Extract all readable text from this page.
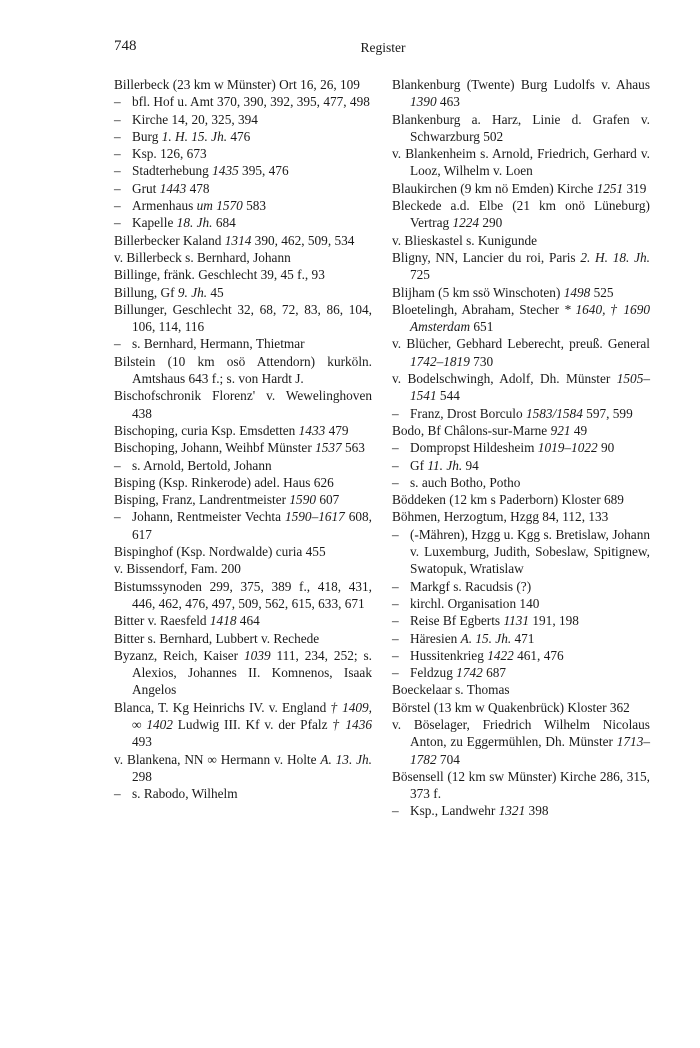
748	Register
Billerbeck (23 km w Münster) Ort 16, 26, 109
– bfl. Hof u. Amt 370, 390, 392, 395, 477, 498
– Kirche 14, 20, 325, 394
– Burg 1. H. 15. Jh. 476
– Ksp. 126, 673
– Stadterhebung 1435 395, 476
– Grut 1443 478
– Armenhaus um 1570 583
– Kapelle 18. Jh. 684
Billerbecker Kaland 1314 390, 462, 509, 534
v. Billerbeck s. Bernhard, Johann
Billinge, fränk. Geschlecht 39, 45 f., 93
Billung, Gf 9. Jh. 45
Billunger, Geschlecht 32, 68, 72, 83, 86, 104, 106, 114, 116
– s. Bernhard, Hermann, Thietmar
Bilstein (10 km osö Attendorn) kurköln. Amtshaus 643 f.; s. von Hardt J.
Bischofschronik Florenz' v. Wewelinghoven 438
Bischoping, curia Ksp. Emsdetten 1433 479
Bischoping, Johann, Weihbf Münster 1537 563
– s. Arnold, Bertold, Johann
Bisping (Ksp. Rinkerode) adel. Haus 626
Bisping, Franz, Landrentmeister 1590 607
– Johann, Rentmeister Vechta 1590–1617 608, 617
Bispinghof (Ksp. Nordwalde) curia 455
v. Bissendorf, Fam. 200
Bistumssynoden 299, 375, 389 f., 418, 431, 446, 462, 476, 497, 509, 562, 615, 633, 671
Bitter v. Raesfeld 1418 464
Bitter s. Bernhard, Lubbert v. Rechede
Byzanz, Reich, Kaiser 1039 111, 234, 252; s. Alexios, Johannes II. Komnenos, Isaak Angelos
Blanca, T. Kg Heinrichs IV. v. England † 1409, ∞ 1402 Ludwig III. Kf v. der Pfalz † 1436 493
v. Blankena, NN ∞ Hermann v. Holte A. 13. Jh. 298
– s. Rabodo, Wilhelm
Blankenburg (Twente) Burg Ludolfs v. Ahaus 1390 463
Blankenburg a. Harz, Linie d. Grafen v. Schwarzburg 502
v. Blankenheim s. Arnold, Friedrich, Gerhard v. Looz, Wilhelm v. Loen
Blaukirchen (9 km nö Emden) Kirche 1251 319
Bleckede a.d. Elbe (21 km onö Lüneburg) Vertrag 1224 290
v. Blieskastel s. Kunigunde
Bligny, NN, Lancier du roi, Paris 2. H. 18. Jh. 725
Blijham (5 km ssö Winschoten) 1498 525
Bloetelingh, Abraham, Stecher * 1640, † 1690 Amsterdam 651
v. Blücher, Gebhard Leberecht, preuß. General 1742–1819 730
v. Bodelschwingh, Adolf, Dh. Münster 1505–1541 544
– Franz, Drost Borculo 1583/1584 597, 599
Bodo, Bf Châlons-sur-Marne 921 49
– Dompropst Hildesheim 1019–1022 90
– Gf 11. Jh. 94
– s. auch Botho, Potho
Böddeken (12 km s Paderborn) Kloster 689
Böhmen, Herzogtum, Hzgg 84, 112, 133
– (-Mähren), Hzgg u. Kgg s. Bretislaw, Johann v. Luxemburg, Judith, Sobeslaw, Spitignew, Swatopuk, Wratislaw
– Markgf s. Racudsis (?)
– kirchl. Organisation 140
– Reise Bf Egberts 1131 191, 198
– Häresien A. 15. Jh. 471
– Hussitenkrieg 1422 461, 476
– Feldzug 1742 687
Boeckelaar s. Thomas
Börstel (13 km w Quakenbrück) Kloster 362
v. Böselager, Friedrich Wilhelm Nicolaus Anton, zu Eggermühlen, Dh. Münster 1713–1782 704
Bösensell (12 km sw Münster) Kirche 286, 315, 373 f.
– Ksp., Landwehr 1321 398
